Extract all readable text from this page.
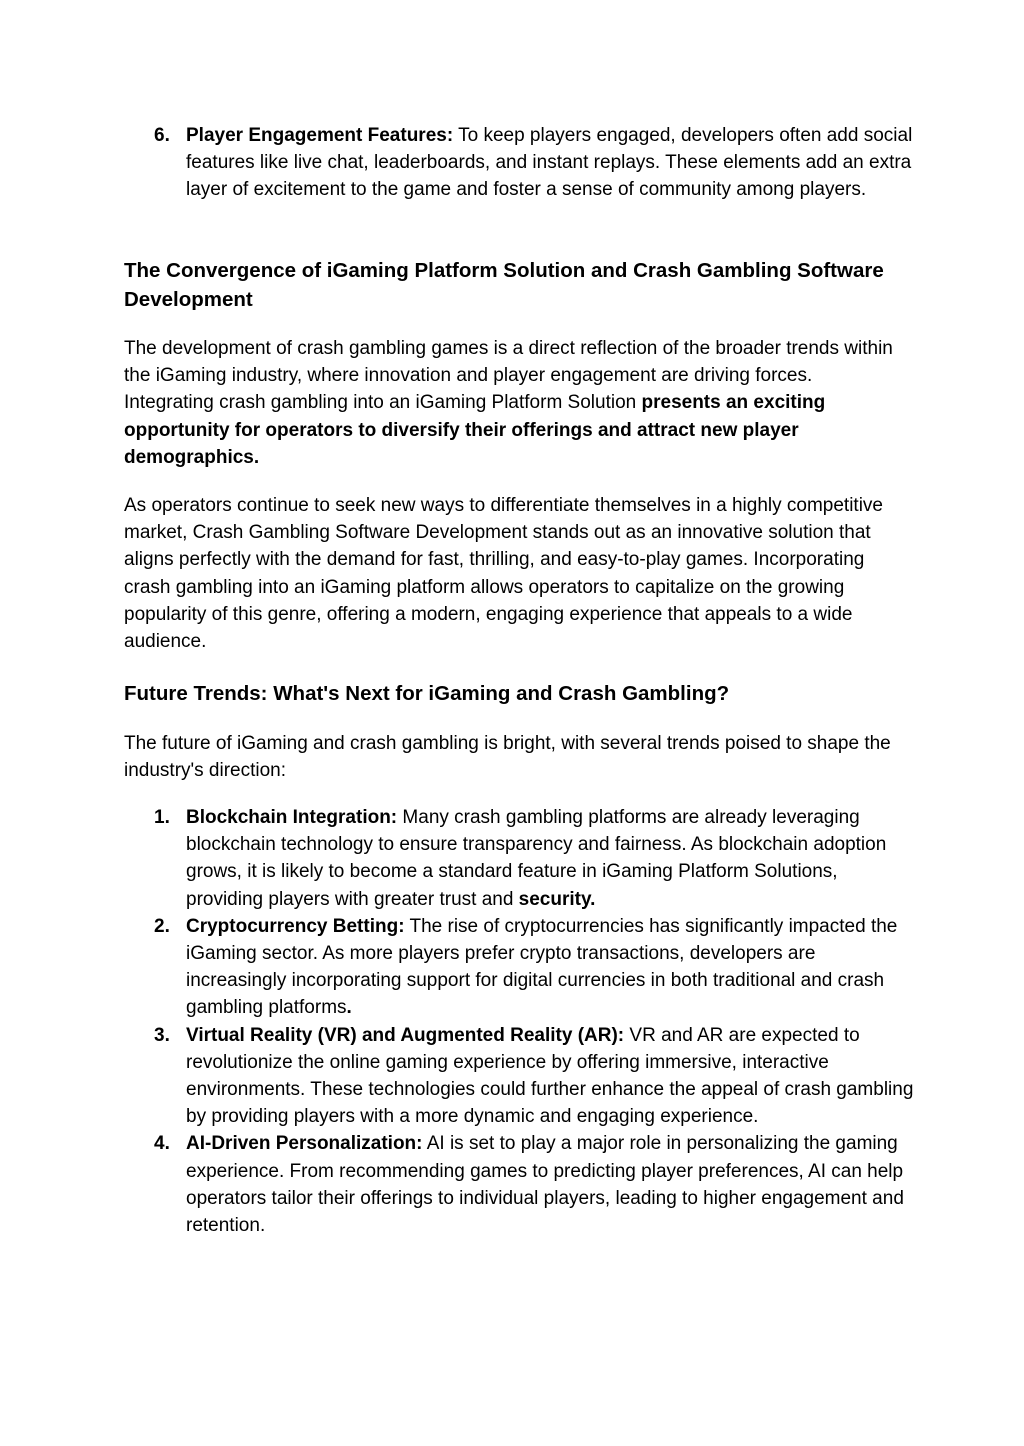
6. Player Engagement Features: To keep players engaged, developers often add social features like live chat, leaderboards, and instant replays. These elements add an extra layer of excitement to the game and foster a sense of community among players.
The Convergence of iGaming Platform Solution and Crash Gambling Software Development

The development of crash gambling games is a direct reflection of the broader trends within the iGaming industry, where innovation and player engagement are driving forces. Integrating crash gambling into an iGaming Platform Solution presents an exciting opportunity for operators to diversify their offerings and attract new player demographics.

As operators continue to seek new ways to differentiate themselves in a highly competitive market, Crash Gambling Software Development stands out as an innovative solution that aligns perfectly with the demand for fast, thrilling, and easy-to-play games. Incorporating crash gambling into an iGaming platform allows operators to capitalize on the growing popularity of this genre, offering a modern, engaging experience that appeals to a wide audience.

Future Trends: What's Next for iGaming and Crash Gambling?

The future of iGaming and crash gambling is bright, with several trends poised to shape the industry's direction:

1. Blockchain Integration: Many crash gambling platforms are already leveraging blockchain technology to ensure transparency and fairness. As blockchain adoption grows, it is likely to become a standard feature in iGaming Platform Solutions, providing players with greater trust and security.
2. Cryptocurrency Betting: The rise of cryptocurrencies has significantly impacted the iGaming sector. As more players prefer crypto transactions, developers are increasingly incorporating support for digital currencies in both traditional and crash gambling platforms.
3. Virtual Reality (VR) and Augmented Reality (AR): VR and AR are expected to revolutionize the online gaming experience by offering immersive, interactive environments. These technologies could further enhance the appeal of crash gambling by providing players with a more dynamic and engaging experience.
4. AI-Driven Personalization: AI is set to play a major role in personalizing the gaming experience. From recommending games to predicting player preferences, AI can help operators tailor their offerings to individual players, leading to higher engagement and retention.
